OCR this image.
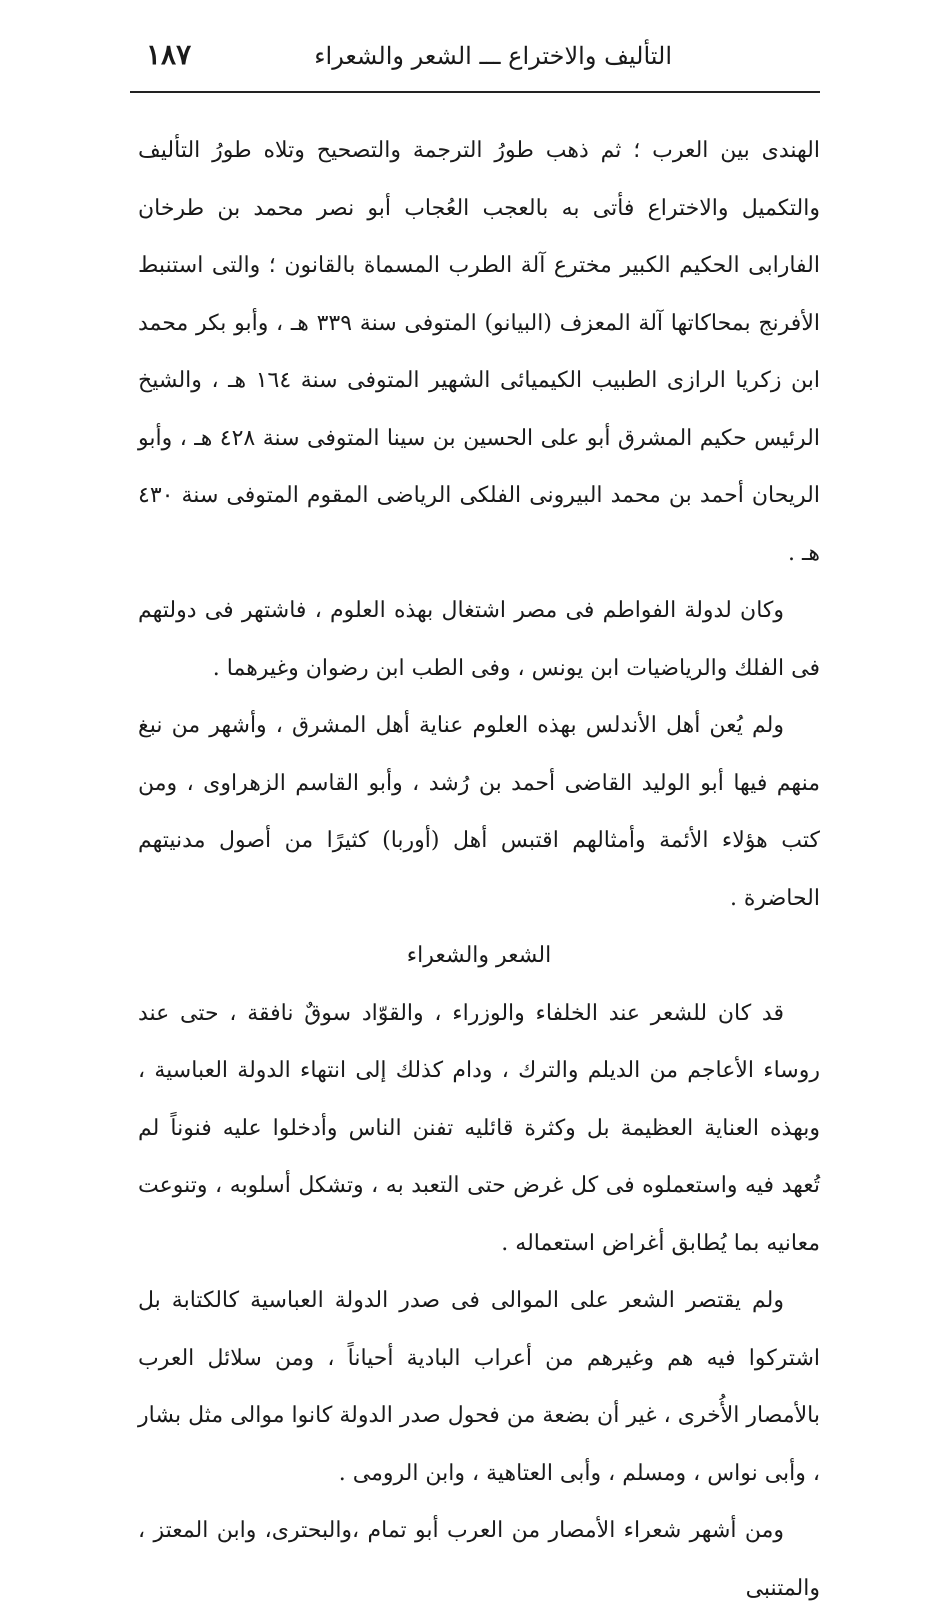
التأليف والاختراع ـــ الشعر والشعراء
١٨٧

الهندى بين العرب ؛ ثم ذهب طورُ الترجمة والتصحيح وتلاه طورُ التأليف والتكميل والاختراع فأتى به بالعجب العُجاب أبو نصر محمد بن طرخان الفارابى الحكيم الكبير مخترع آلة الطرب المسماة بالقانون ؛ والتى استنبط الأفرنج بمحاكاتها آلة المعزف (البيانو) المتوفى سنة ٣٣٩ هـ ، وأبو بكر محمد ابن زكريا الرازى الطبيب الكيميائى الشهير المتوفى سنة ١٦٤ هـ ، والشيخ الرئيس حكيم المشرق أبو على الحسين بن سينا المتوفى سنة ٤٢٨ هـ ، وأبو الريحان أحمد بن محمد البيرونى الفلكى الرياضى المقوم المتوفى سنة ٤٣٠ هـ .

وكان لدولة الفواطم فى مصر اشتغال بهذه العلوم ، فاشتهر فى دولتهم فى الفلك والرياضيات ابن يونس ، وفى الطب ابن رضوان وغيرهما .

ولم يُعن أهل الأندلس بهذه العلوم عناية أهل المشرق ، وأشهر من نبغ منهم فيها أبو الوليد القاضى أحمد بن رُشد ، وأبو القاسم الزهراوى ، ومن كتب هؤلاء الأئمة وأمثالهم اقتبس أهل (أوربا) كثيرًا من أصول مدنيتهم الحاضرة .

الشعر والشعراء

قد كان للشعر عند الخلفاء والوزراء ، والقوّاد سوقٌ نافقة ، حتى عند روساء الأعاجم من الديلم والترك ، ودام كذلك إلى انتهاء الدولة العباسية ، وبهذه العناية العظيمة بل وكثرة قائليه تفنن الناس وأدخلوا عليه فنوناً لم تُعهد فيه واستعملوه فى كل غرض حتى التعبد به ، وتشكل أسلوبه ، وتنوعت معانيه بما يُطابق أغراض استعماله .

ولم يقتصر الشعر على الموالى فى صدر الدولة العباسية كالكتابة بل اشتركوا فيه هم وغيرهم من أعراب البادية أحياناً ، ومن سلائل العرب بالأمصار الأُخرى ، غير أن بضعة من فحول صدر الدولة كانوا موالى مثل بشار ، وأبى نواس ، ومسلم ، وأبى العتاهية ، وابن الرومى .

ومن أشهر شعراء الأمصار من العرب أبو تمام ،والبحترى، وابن المعتز ، والمتنبى
